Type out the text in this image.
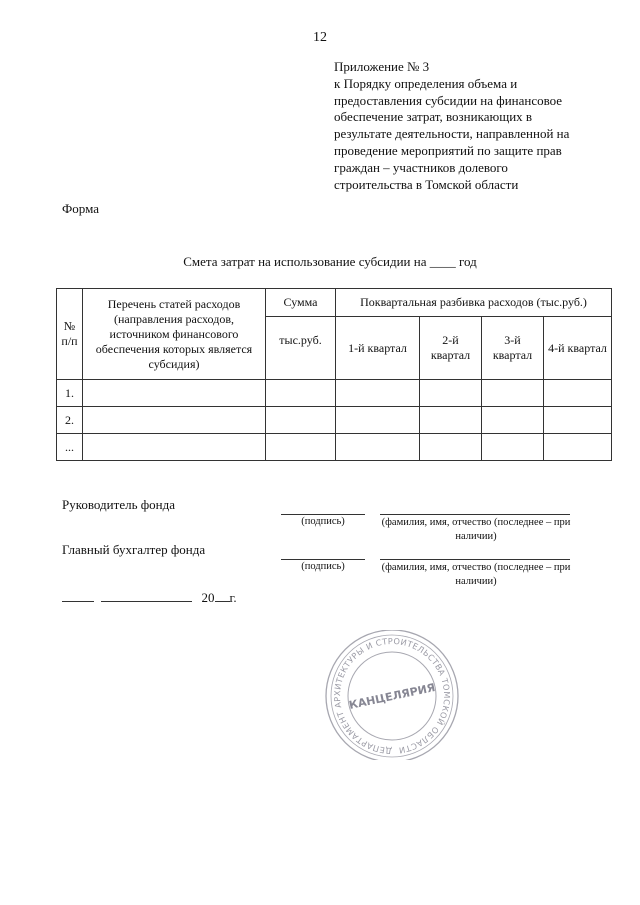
12
Приложение № 3
к Порядку определения объема и
предоставления субсидии на финансовое
обеспечение затрат, возникающих в
результате деятельности, направленной на
проведение мероприятий по защите прав
граждан – участников долевого
строительства в Томской области
Форма
Смета затрат на использование субсидии на ____ год
№ п/п	Перечень статей расходов (направления расходов, источником финансового обеспечения которых является субсидия)	Сумма	Поквартальная разбивка расходов (тыс.руб.)			
		тыс.руб.	1-й квартал	2-й квартал	3-й квартал	4-й квартал
1.						
2.						
...						
Руководитель фонда
(подпись)	(фамилия, имя, отчество (последнее – при наличии)
Главный бухгалтер фонда
(подпись)	(фамилия, имя, отчество (последнее – при наличии)
20 г.
ДЕПАРТАМЕНТ АРХИТЕКТУРЫ И СТРОИТЕЛЬСТВА ТОМСКОЙ ОБЛАСТИ
КАНЦЕЛЯРИЯ
